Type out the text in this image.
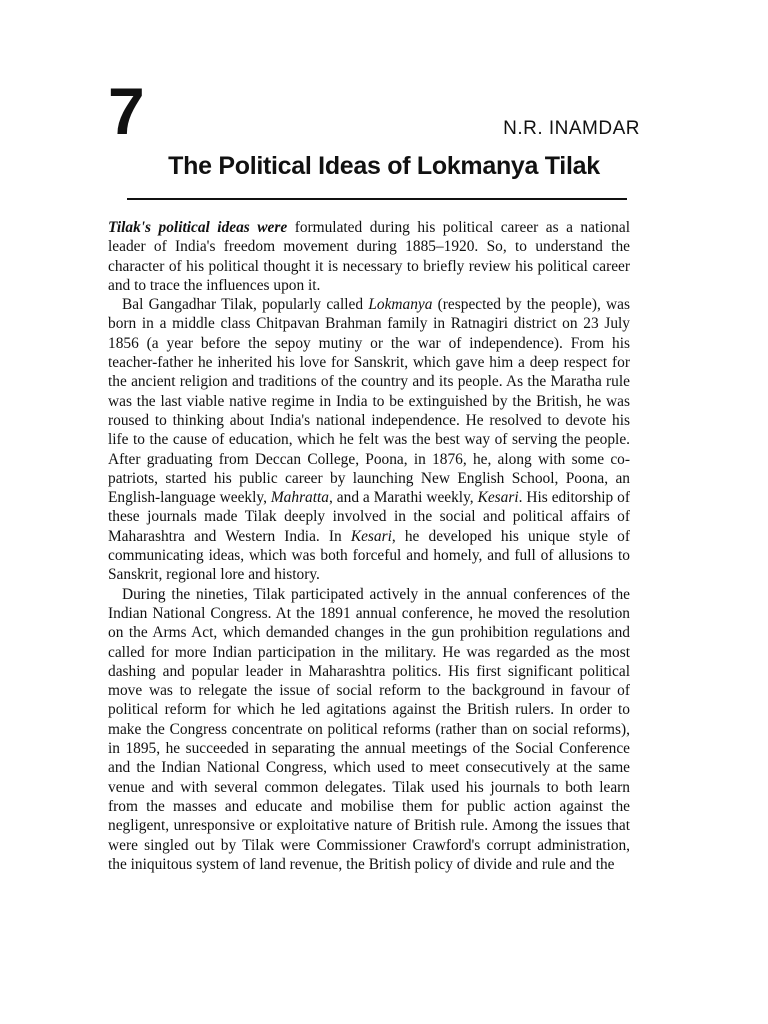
7	N.R. INAMDAR

The Political Ideas of Lokmanya Tilak

Tilak's political ideas were formulated during his political career as a national leader of India's freedom movement during 1885–1920. So, to understand the character of his political thought it is necessary to briefly review his political career and to trace the influences upon it.

Bal Gangadhar Tilak, popularly called Lokmanya (respected by the people), was born in a middle class Chitpavan Brahman family in Ratnagiri district on 23 July 1856 (a year before the sepoy mutiny or the war of independence). From his teacher-father he inherited his love for Sanskrit, which gave him a deep respect for the ancient religion and traditions of the country and its people. As the Maratha rule was the last viable native regime in India to be extinguished by the British, he was roused to thinking about India's national independence. He resolved to devote his life to the cause of education, which he felt was the best way of serving the people. After graduating from Deccan College, Poona, in 1876, he, along with some co-patriots, started his public career by launching New English School, Poona, an English-language weekly, Mahratta, and a Marathi weekly, Kesari. His editorship of these journals made Tilak deeply involved in the social and political affairs of Maharashtra and Western India. In Kesari, he developed his unique style of communicating ideas, which was both forceful and homely, and full of allusions to Sanskrit, regional lore and history.

During the nineties, Tilak participated actively in the annual conferences of the Indian National Congress. At the 1891 annual conference, he moved the resolution on the Arms Act, which demanded changes in the gun prohibition regulations and called for more Indian participation in the military. He was regarded as the most dashing and popular leader in Maharashtra politics. His first significant political move was to relegate the issue of social reform to the background in favour of political reform for which he led agitations against the British rulers. In order to make the Congress concentrate on political reforms (rather than on social reforms), in 1895, he succeeded in separating the annual meetings of the Social Conference and the Indian National Congress, which used to meet consecutively at the same venue and with several common delegates. Tilak used his journals to both learn from the masses and educate and mobilise them for public action against the negligent, unresponsive or exploitative nature of British rule. Among the issues that were singled out by Tilak were Commissioner Crawford's corrupt administration, the iniquitous system of land revenue, the British policy of divide and rule and the
